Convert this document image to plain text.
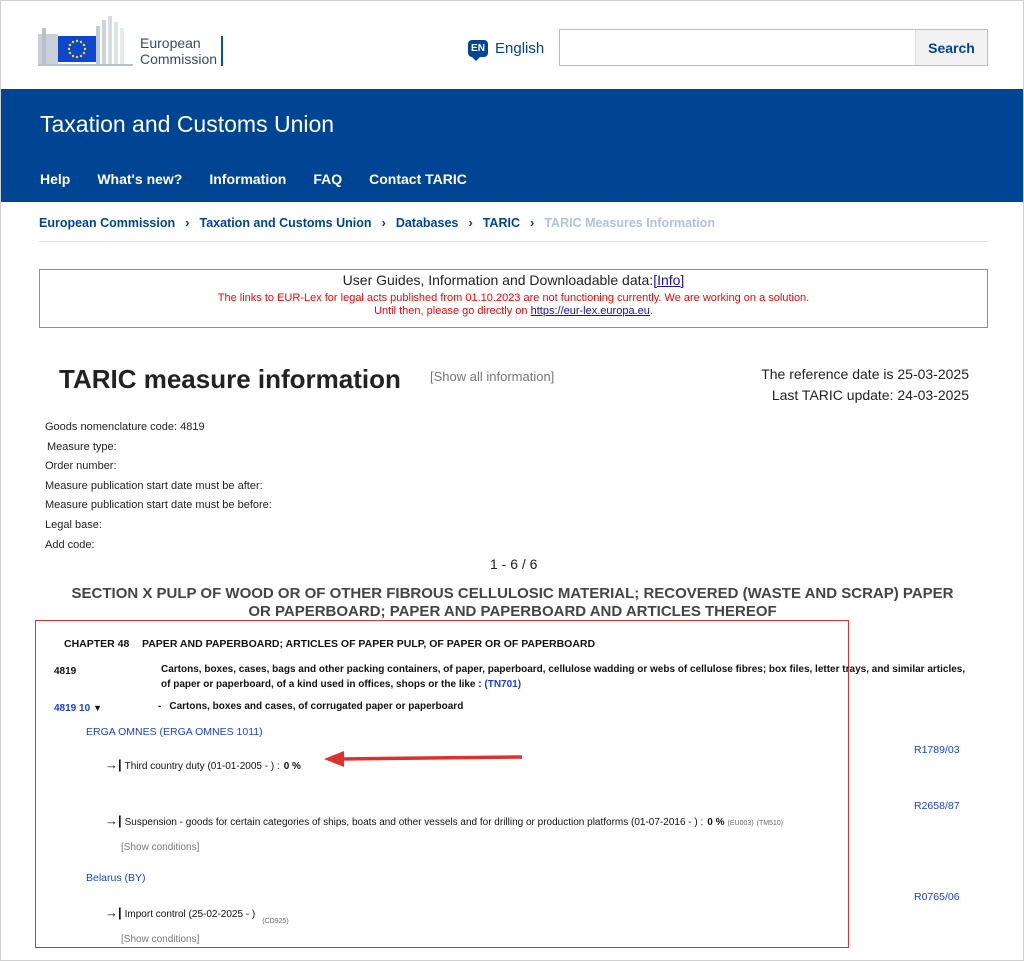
European
Commission
EN English	Search
Taxation and Customs Union
Help What's new? Information FAQ Contact TARIC
European Commission › Taxation and Customs Union › Databases › TARIC › TARIC Measures Information
User Guides, Information and Downloadable data:[Info]
The links to EUR-Lex for legal acts published from 01.10.2023 are not functioning currently. We are working on a solution.
Until then, please go directly on https://eur-lex.europa.eu.
TARIC measure information [Show all information]	The reference date is 25-03-2025
Last TARIC update: 24-03-2025
Goods nomenclature code: 4819
Measure type:
Order number:
Measure publication start date must be after:
Measure publication start date must be before:
Legal base:
Add code:
1 - 6 / 6
SECTION X PULP OF WOOD OR OF OTHER FIBROUS CELLULOSIC MATERIAL; RECOVERED (WASTE AND SCRAP) PAPER
OR PAPERBOARD; PAPER AND PAPERBOARD AND ARTICLES THEREOF
CHAPTER 48 PAPER AND PAPERBOARD; ARTICLES OF PAPER PULP, OF PAPER OR OF PAPERBOARD
4819	Cartons, boxes, cases, bags and other packing containers, of paper, paperboard, cellulose wadding or webs of cellulose fibres; box files, letter trays, and similar articles, of paper or paperboard, of a kind used in offices, shops or the like : (TN701)
4819 10 ▼	- Cartons, boxes and cases, of corrugated paper or paperboard
ERGA OMNES (ERGA OMNES 1011)
R1789/03
→| Third country duty (01-01-2005 - ) : 0 %
R2658/87
→| Suspension - goods for certain categories of ships, boats and other vessels and for drilling or production platforms (01-07-2016 - ) : 0 % (EU003) (TM510)
[Show conditions]
Belarus (BY)
R0765/06
→| Import control (25-02-2025 - )
(CD925)
[Show conditions]
